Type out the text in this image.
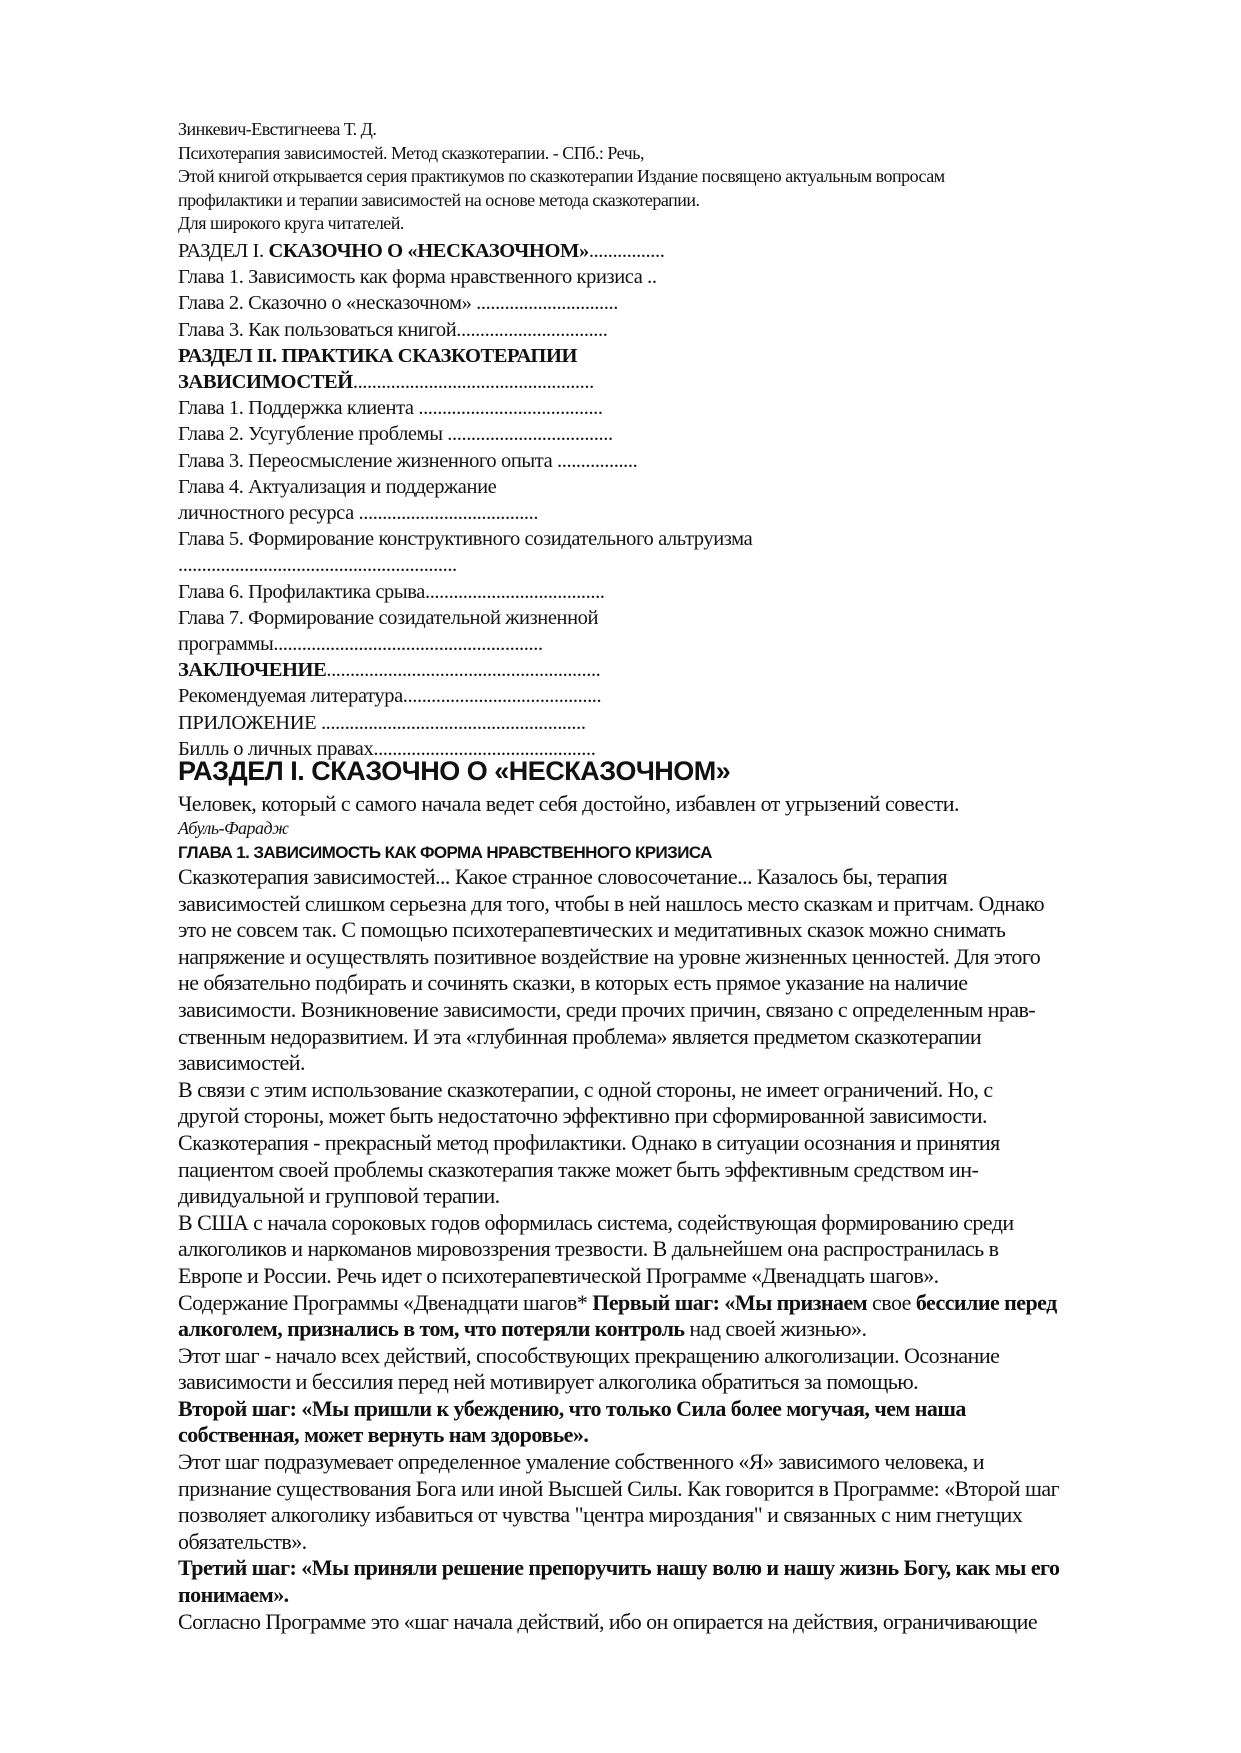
Зинкевич-Евстигнеева Т. Д.
Психотерапия зависимостей. Метод сказкотерапии. - СПб.: Речь,
Этой книгой открывается серия практикумов по сказкотерапии Издание посвящено актуальным вопросам
профилактики и терапии зависимостей на основе метода сказкотерапии.
Для широкого круга читателей.
РАЗДЕЛ I. СКАЗОЧНО О «НЕСКАЗОЧНОМ»................
Глава 1. Зависимость как форма нравственного кризиса ..
Глава 2. Сказочно о «несказочном» ..............................
Глава 3. Как пользоваться книгой................................
РАЗДЕЛ II. ПРАКТИКА СКАЗКОТЕРАПИИ
ЗАВИСИМОСТЕЙ...................................................
Глава 1. Поддержка клиента .......................................
Глава 2. Усугубление проблемы ...................................
Глава 3. Переосмысление жизненного опыта .................
Глава 4. Актуализация и поддержание
личностного ресурса ......................................
Глава 5. Формирование конструктивного созидательного альтруизма
...........................................................
Глава 6. Профилактика срыва......................................
Глава 7. Формирование созидательной жизненной
программы.........................................................
ЗАКЛЮЧЕНИЕ..........................................................
Рекомендуемая литература..........................................
ПРИЛОЖЕНИЕ ........................................................
Билль о личных правах...............................................
РАЗДЕЛ I. СКАЗОЧНО О «НЕСКАЗОЧНОМ»
Человек, который с самого начала ведет себя достойно, избавлен от угрызений совести.
Абуль-Фарадж
ГЛАВА 1. ЗАВИСИМОСТЬ КАК ФОРМА НРАВСТВЕННОГО КРИЗИСА
Сказкотерапия зависимостей... Какое странное словосочетание... Казалось бы, терапия
зависимостей слишком серьезна для того, чтобы в ней нашлось место сказкам и притчам. Однако
это не совсем так. С помощью психотерапевтических и медитативных сказок можно снимать
напряжение и осуществлять позитивное воздействие на уровне жизненных ценностей. Для этого
не обязательно подбирать и сочинять сказки, в которых есть прямое указание на наличие
зависимости. Возникновение зависимости, среди прочих причин, связано с определенным нрав-
ственным недоразвитием. И эта «глубинная проблема» является предметом сказкотерапии
зависимостей.
В связи с этим использование сказкотерапии, с одной стороны, не имеет ограничений. Но, с
другой стороны, может быть недостаточно эффективно при сформированной зависимости.
Сказкотерапия - прекрасный метод профилактики. Однако в ситуации осознания и принятия
пациентом своей проблемы сказкотерапия также может быть эффективным средством ин-
дивидуальной и групповой терапии.
В США с начала сороковых годов оформилась система, содействующая формированию среди
алкоголиков и наркоманов мировоззрения трезвости. В дальнейшем она распространилась в
Европе и России. Речь идет о психотерапевтической Программе «Двенадцать шагов».
Содержание Программы «Двенадцати шагов* Первый шаг: «Мы признаем свое бессилие перед
алкоголем, признались в том, что потеряли контроль над своей жизнью».
Этот шаг - начало всех действий, способствующих прекращению алкоголизации. Осознание
зависимости и бессилия перед ней мотивирует алкоголика обратиться за помощью.
Второй шаг: «Мы пришли к убеждению, что только Сила более могучая, чем наша
собственная, может вернуть нам здоровье».
Этот шаг подразумевает определенное умаление собственного «Я» зависимого человека, и
признание существования Бога или иной Высшей Силы. Как говорится в Программе: «Второй шаг
позволяет алкоголику избавиться от чувства "центра мироздания" и связанных с ним гнетущих
обязательств».
Третий шаг: «Мы приняли решение препоручить нашу волю и нашу жизнь Богу, как мы его
понимаем».
Согласно Программе это «шаг начала действий, ибо он опирается на действия, ограничивающие
